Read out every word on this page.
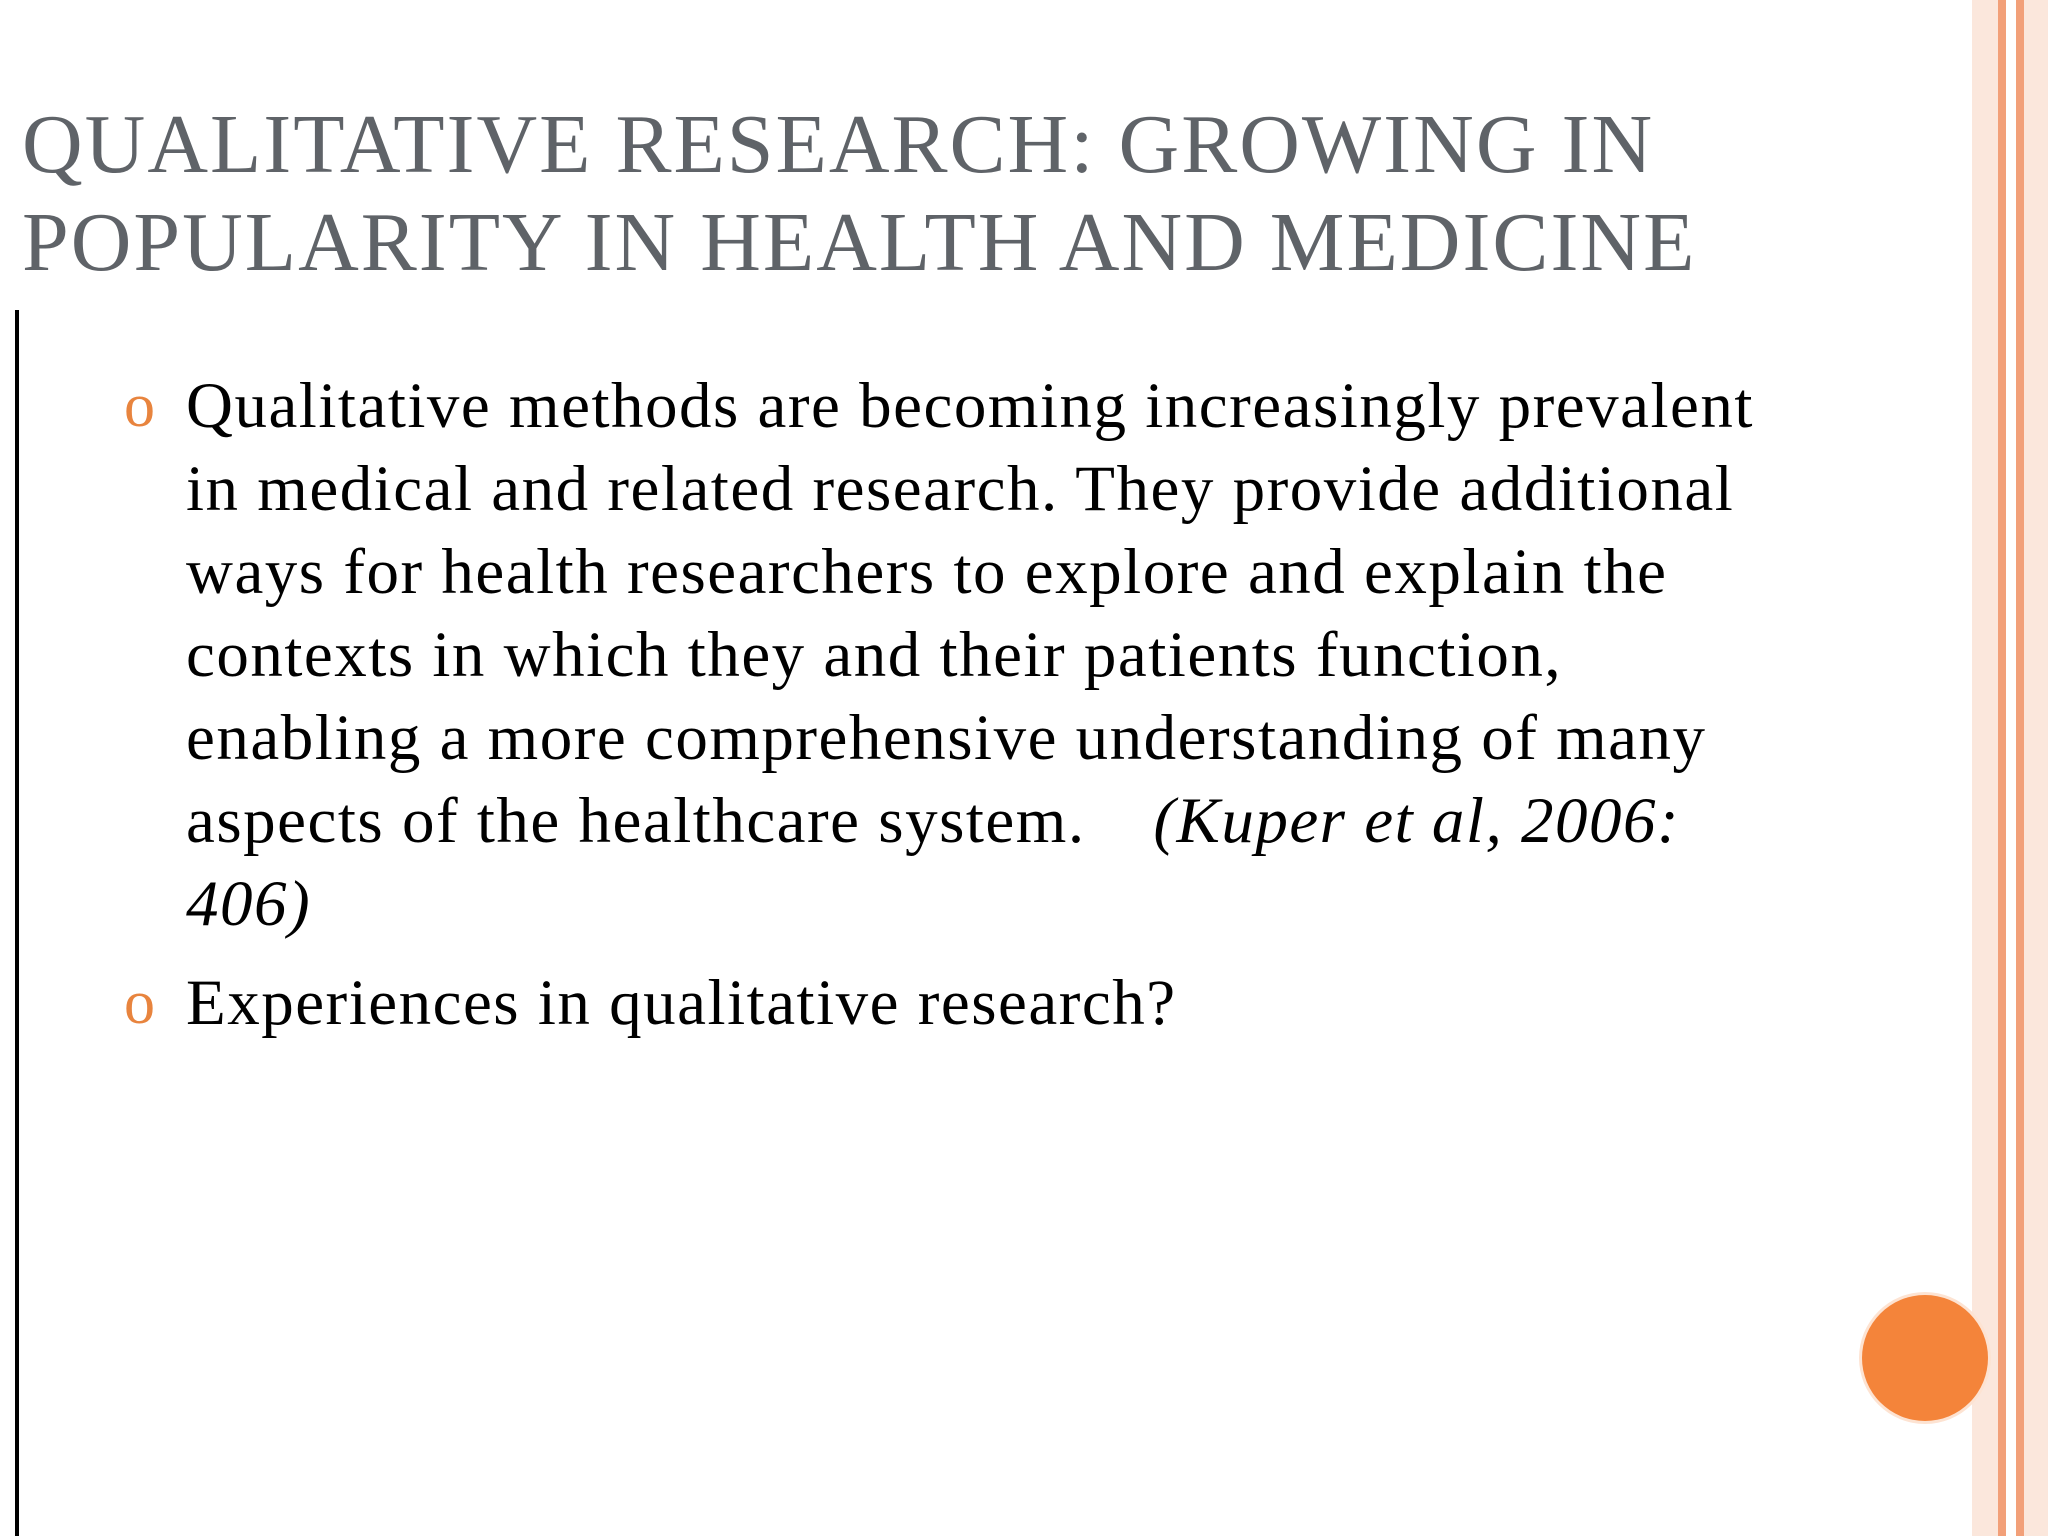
QUALITATIVE RESEARCH: GROWING IN
POPULARITY IN HEALTH AND MEDICINE
o Qualitative methods are becoming increasingly prevalent in medical and related research. They provide additional ways for health researchers to explore and explain the contexts in which they and their patients function, enabling a more comprehensive understanding of many aspects of the healthcare system. (Kuper et al, 2006: 406)
o Experiences in qualitative research?
